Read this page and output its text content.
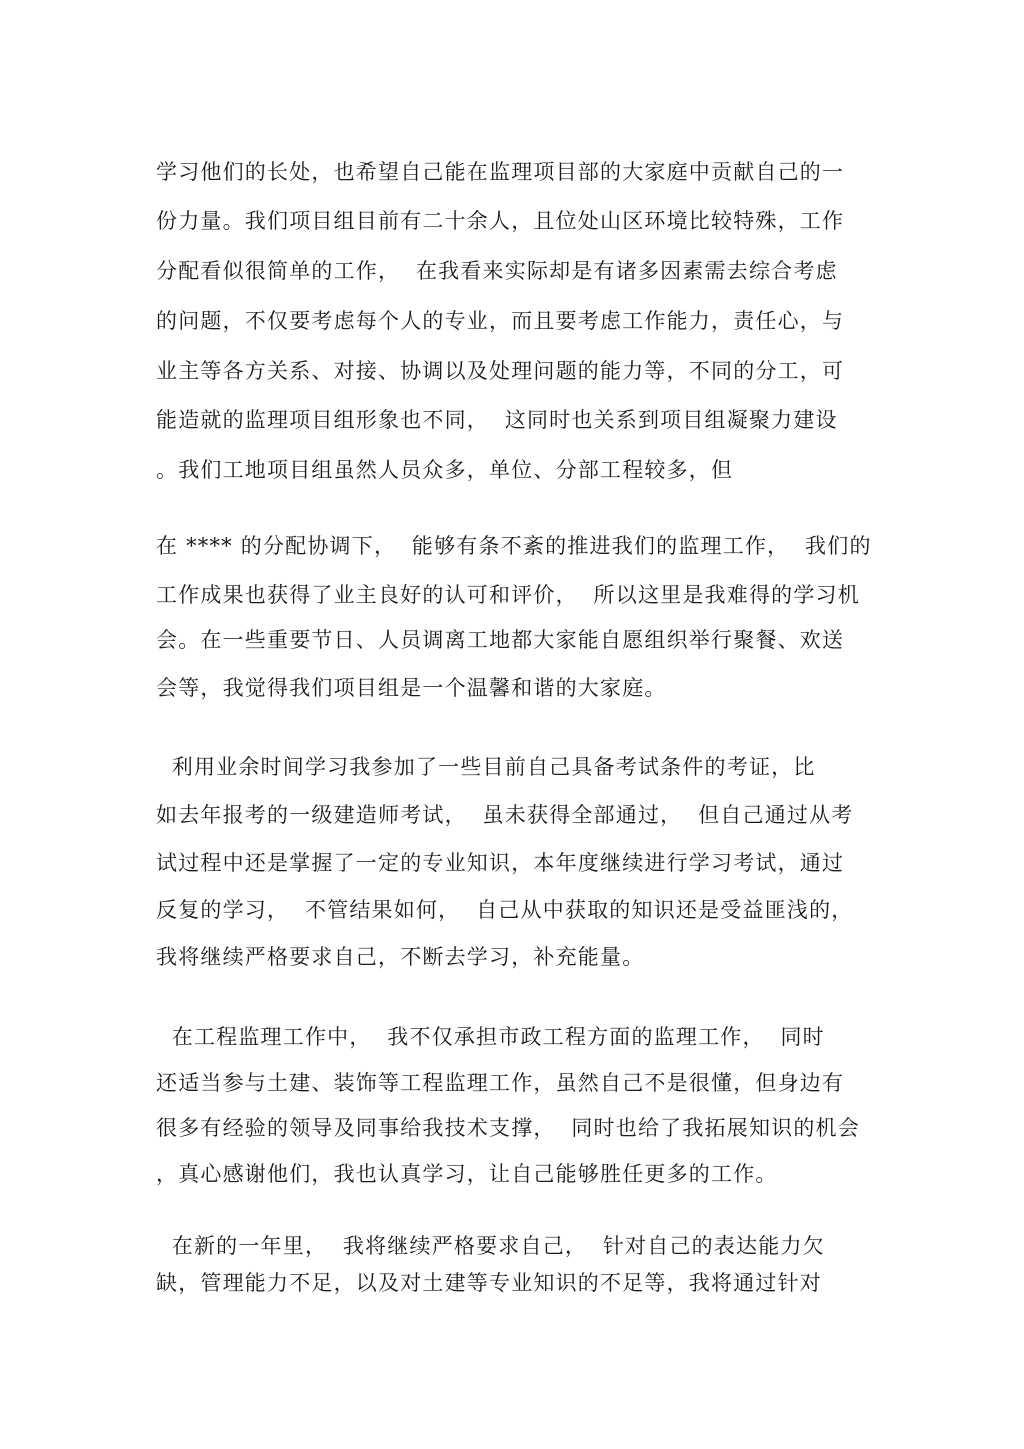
学习他们的长处，也希望自己能在监理项目部的大家庭中贡献自己的一
份力量。我们项目组目前有二十余人，且位处山区环境比较特殊，工作
分配看似很简单的工作，  在我看来实际却是有诸多因素需去综合考虑
的问题，不仅要考虑每个人的专业，而且要考虑工作能力，责任心，与
业主等各方关系、对接、协调以及处理问题的能力等，不同的分工，可
能造就的监理项目组形象也不同，  这同时也关系到项目组凝聚力建设
。我们工地项目组虽然人员众多，单位、分部工程较多，但
在 **** 的分配协调下，  能够有条不紊的推进我们的监理工作，  我们的
工作成果也获得了业主良好的认可和评价，  所以这里是我难得的学习机
会。在一些重要节日、人员调离工地都大家能自愿组织举行聚餐、欢送
会等，我觉得我们项目组是一个温馨和谐的大家庭。
利用业余时间学习我参加了一些目前自己具备考试条件的考证，比
如去年报考的一级建造师考试，  虽未获得全部通过，  但自己通过从考
试过程中还是掌握了一定的专业知识，本年度继续进行学习考试，通过
反复的学习，  不管结果如何，  自己从中获取的知识还是受益匪浅的，
我将继续严格要求自己，不断去学习，补充能量。
在工程监理工作中，  我不仅承担市政工程方面的监理工作，  同时
还适当参与土建、装饰等工程监理工作，虽然自己不是很懂，但身边有
很多有经验的领导及同事给我技术支撑，  同时也给了我拓展知识的机会
，真心感谢他们，我也认真学习，让自己能够胜任更多的工作。
在新的一年里，  我将继续严格要求自己，  针对自己的表达能力欠
缺，管理能力不足，以及对土建等专业知识的不足等，我将通过针对
